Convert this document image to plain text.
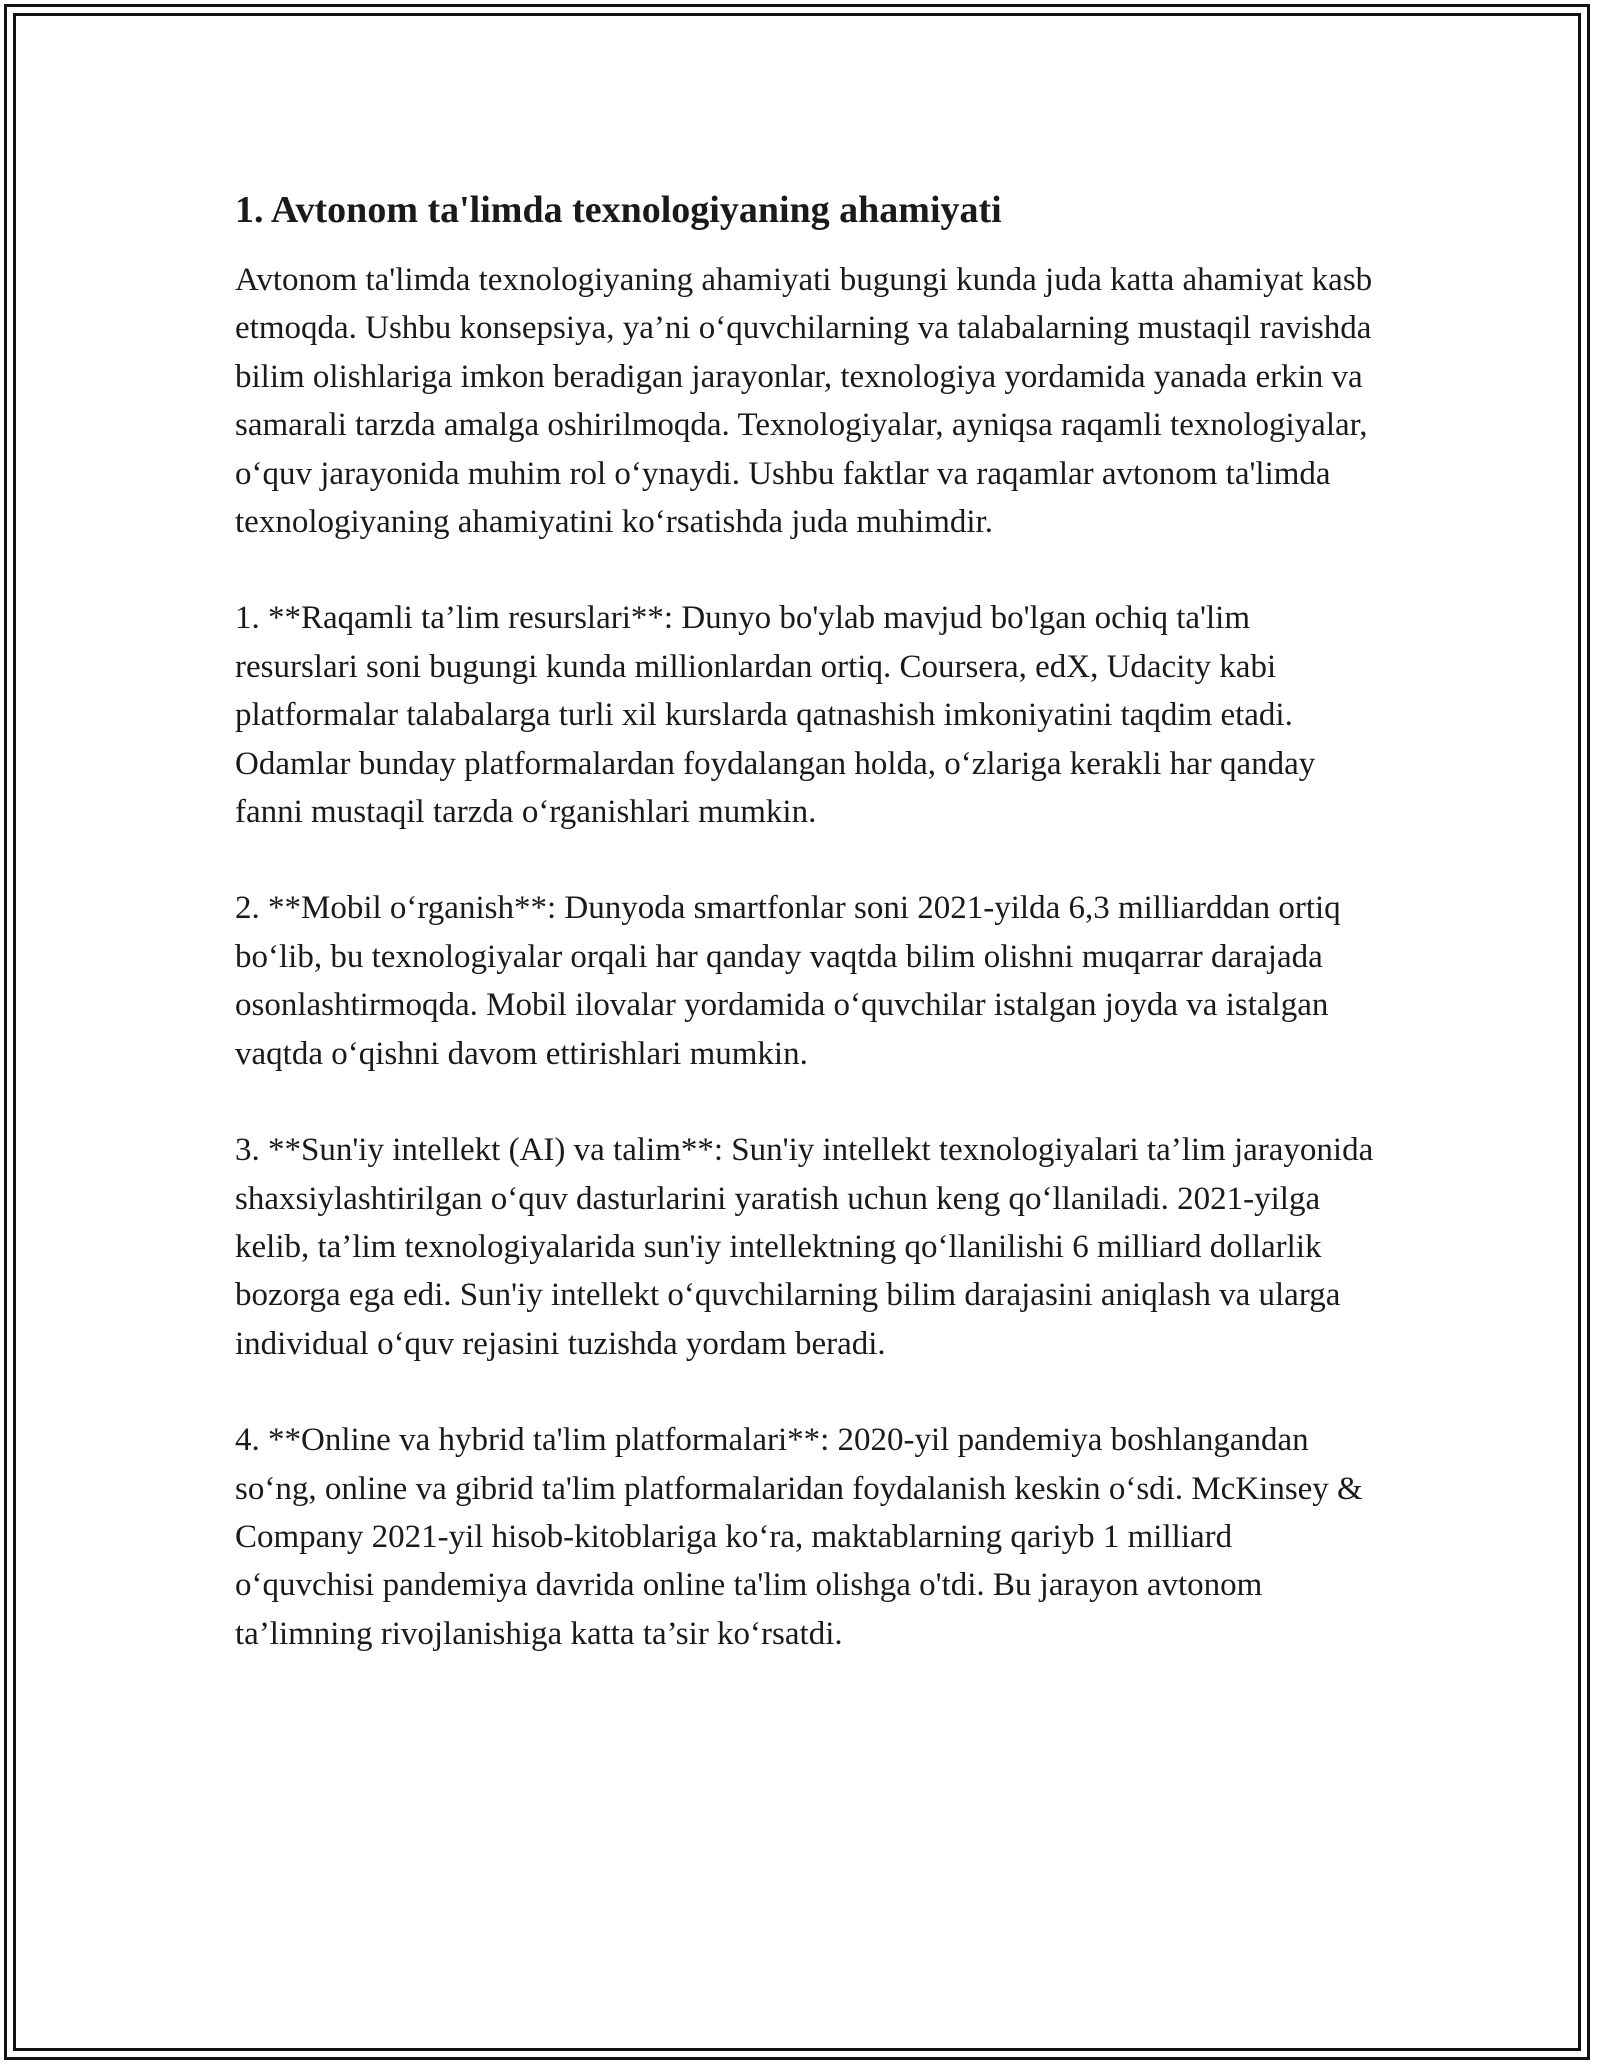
1. Avtonom ta'limda texnologiyaning ahamiyati

Avtonom ta'limda texnologiyaning ahamiyati bugungi kunda juda katta ahamiyat kasb etmoqda. Ushbu konsepsiya, ya’ni o‘quvchilarning va talabalarning mustaqil ravishda bilim olishlariga imkon beradigan jarayonlar, texnologiya yordamida yanada erkin va samarali tarzda amalga oshirilmoqda. Texnologiyalar, ayniqsa raqamli texnologiyalar, o‘quv jarayonida muhim rol o‘ynaydi. Ushbu faktlar va raqamlar avtonom ta'limda texnologiyaning ahamiyatini ko‘rsatishda juda muhimdir.

1. **Raqamli ta’lim resurslari**: Dunyo bo'ylab mavjud bo'lgan ochiq ta'lim resurslari soni bugungi kunda millionlardan ortiq. Coursera, edX, Udacity kabi platformalar talabalarga turli xil kurslarda qatnashish imkoniyatini taqdim etadi. Odamlar bunday platformalardan foydalangan holda, o‘zlariga kerakli har qanday fanni mustaqil tarzda o‘rganishlari mumkin.

2. **Mobil o‘rganish**: Dunyoda smartfonlar soni 2021-yilda 6,3 milliarddan ortiq bo‘lib, bu texnologiyalar orqali har qanday vaqtda bilim olishni muqarrar darajada osonlashtirmoqda. Mobil ilovalar yordamida o‘quvchilar istalgan joyda va istalgan vaqtda o‘qishni davom ettirishlari mumkin.

3. **Sun'iy intellekt (AI) va talim**: Sun'iy intellekt texnologiyalari ta’lim jarayonida shaxsiylashtirilgan o‘quv dasturlarini yaratish uchun keng qo‘llaniladi. 2021-yilga kelib, ta’lim texnologiyalarida sun'iy intellektning qo‘llanilishi 6 milliard dollarlik bozorga ega edi. Sun'iy intellekt o‘quvchilarning bilim darajasini aniqlash va ularga individual o‘quv rejasini tuzishda yordam beradi.

4. **Online va hybrid ta'lim platformalari**: 2020-yil pandemiya boshlangandan so‘ng, online va gibrid ta'lim platformalaridan foydalanish keskin o‘sdi. McKinsey & Company 2021-yil hisob-kitoblariga ko‘ra, maktablarning qariyb 1 milliard o‘quvchisi pandemiya davrida online ta'lim olishga o'tdi. Bu jarayon avtonom ta’limning rivojlanishiga katta ta’sir ko‘rsatdi.
